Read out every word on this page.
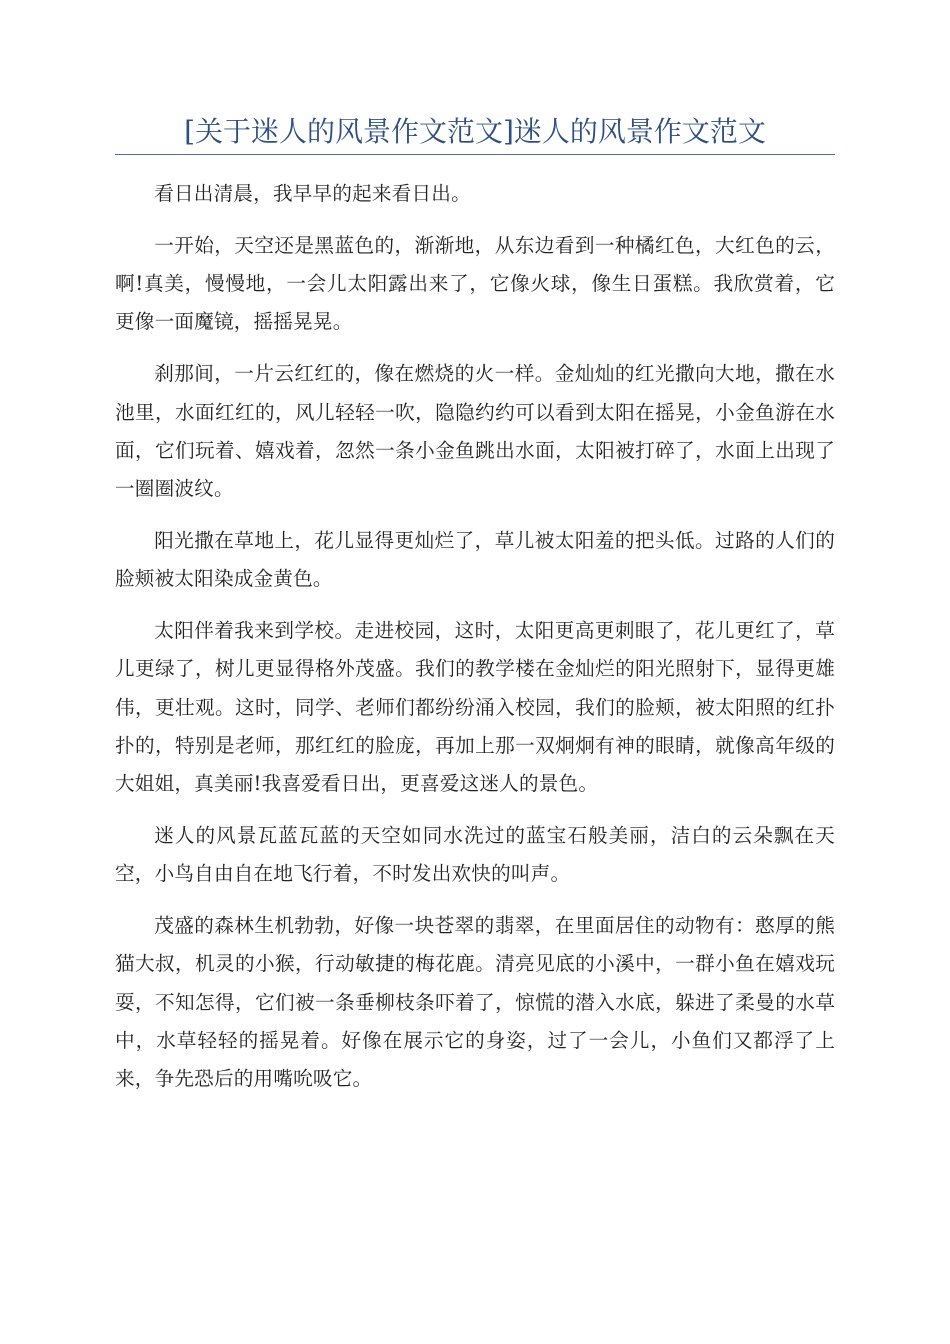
[关于迷人的风景作文范文]迷人的风景作文范文

看日出清晨，我早早的起来看日出。

一开始，天空还是黑蓝色的，渐渐地，从东边看到一种橘红色，大红色的云，啊!真美，慢慢地，一会儿太阳露出来了，它像火球，像生日蛋糕。我欣赏着，它更像一面魔镜，摇摇晃晃。

刹那间，一片云红红的，像在燃烧的火一样。金灿灿的红光撒向大地，撒在水池里，水面红红的，风儿轻轻一吹，隐隐约约可以看到太阳在摇晃，小金鱼游在水面，它们玩着、嬉戏着，忽然一条小金鱼跳出水面，太阳被打碎了，水面上出现了一圈圈波纹。

阳光撒在草地上，花儿显得更灿烂了，草儿被太阳羞的把头低。过路的人们的脸颊被太阳染成金黄色。

太阳伴着我来到学校。走进校园，这时，太阳更高更刺眼了，花儿更红了，草儿更绿了，树儿更显得格外茂盛。我们的教学楼在金灿烂的阳光照射下，显得更雄伟，更壮观。这时，同学、老师们都纷纷涌入校园，我们的脸颊，被太阳照的红扑扑的，特别是老师，那红红的脸庞，再加上那一双炯炯有神的眼睛，就像高年级的大姐姐，真美丽!我喜爱看日出，更喜爱这迷人的景色。

迷人的风景瓦蓝瓦蓝的天空如同水洗过的蓝宝石般美丽，洁白的云朵飘在天空，小鸟自由自在地飞行着，不时发出欢快的叫声。

茂盛的森林生机勃勃，好像一块苍翠的翡翠，在里面居住的动物有：憨厚的熊猫大叔，机灵的小猴，行动敏捷的梅花鹿。清亮见底的小溪中，一群小鱼在嬉戏玩耍，不知怎得，它们被一条垂柳枝条吓着了，惊慌的潜入水底，躲进了柔曼的水草中，水草轻轻的摇晃着。好像在展示它的身姿，过了一会儿，小鱼们又都浮了上来，争先恐后的用嘴吮吸它。
